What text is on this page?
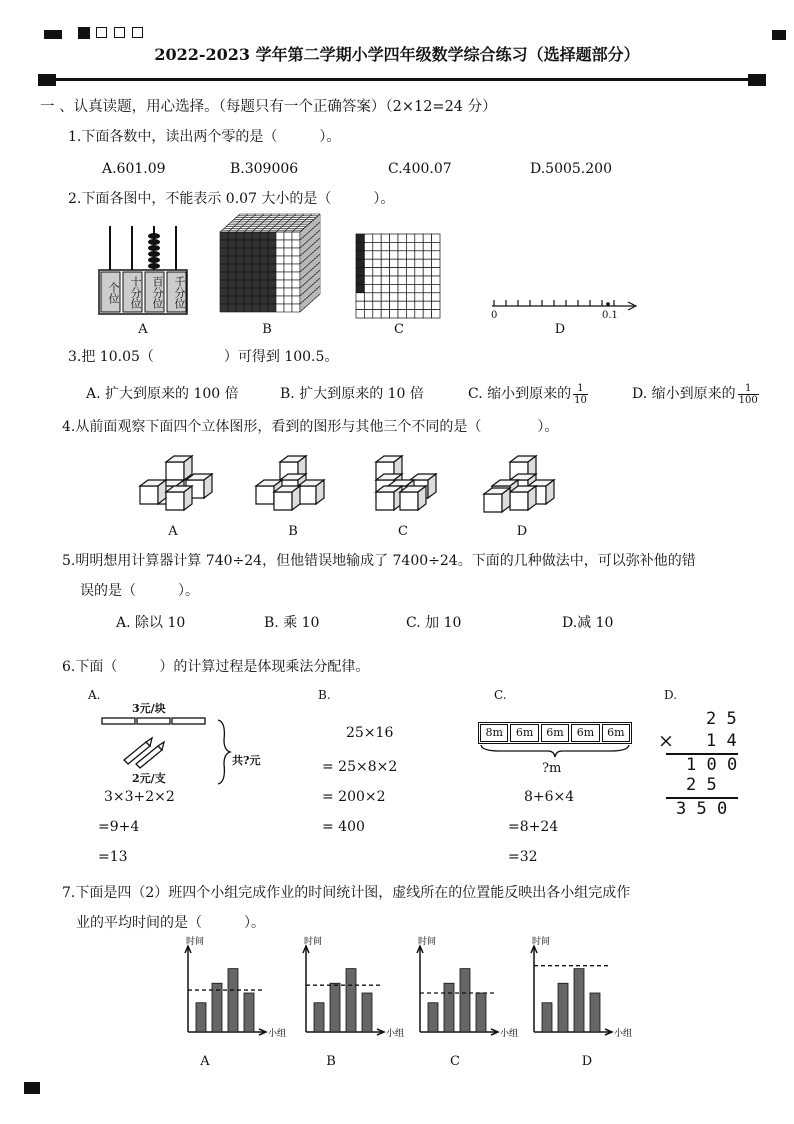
2022-2023 学年第二学期小学四年级数学综合练习（选择题部分）
一 、认真读题，用心选择。（每题只有一个正确答案）（2×12=24 分）
1.下面各数中，读出两个零的是（　　　）。
A.601.09	B.309006	C.400.07	D.5005.200
2.下面各图中，不能表示 0.07 大小的是（　　　）。
个位 十分位 百分位 千分位
A	B	C
0	0.1
D
3.把 10.05（　　　　　）可得到 100.5。
A. 扩大到原来的 100 倍	B. 扩大到原来的 10 倍	C. 缩小到原来的 $\frac{1}{10}$	D. 缩小到原来的 $\frac{1}{100}$
4.从前面观察下面四个立体图形，看到的图形与其他三个不同的是（　　　　）。
A	B	C	D
5.明明想用计算器计算 740÷24，但他错误地输成了 7400÷24。下面的几种做法中，可以弥补他的错
误的是（　　　）。
A. 除以 10	B. 乘 10	C. 加 10	D.减 10
6.下面（　　　）的计算过程是体现乘法分配律。
A.
3元/块
2元/支
共?元
3×3+2×2
=9+4
=13
B.
25×16
= 25×8×2
= 200×2
= 400
C.
8m	6m	6m	6m	6m
?m
8+6×4
=8+24
=32
D.
2 5
× 1 4
1 0 0
2 5
3 5 0
7.下面是四（2）班四个小组完成作业的时间统计图，虚线所在的位置能反映出各小组完成作
业的平均时间的是（　　　）。
时间
小组
时间
小组
时间
小组
时间
小组
A	B	C	D
